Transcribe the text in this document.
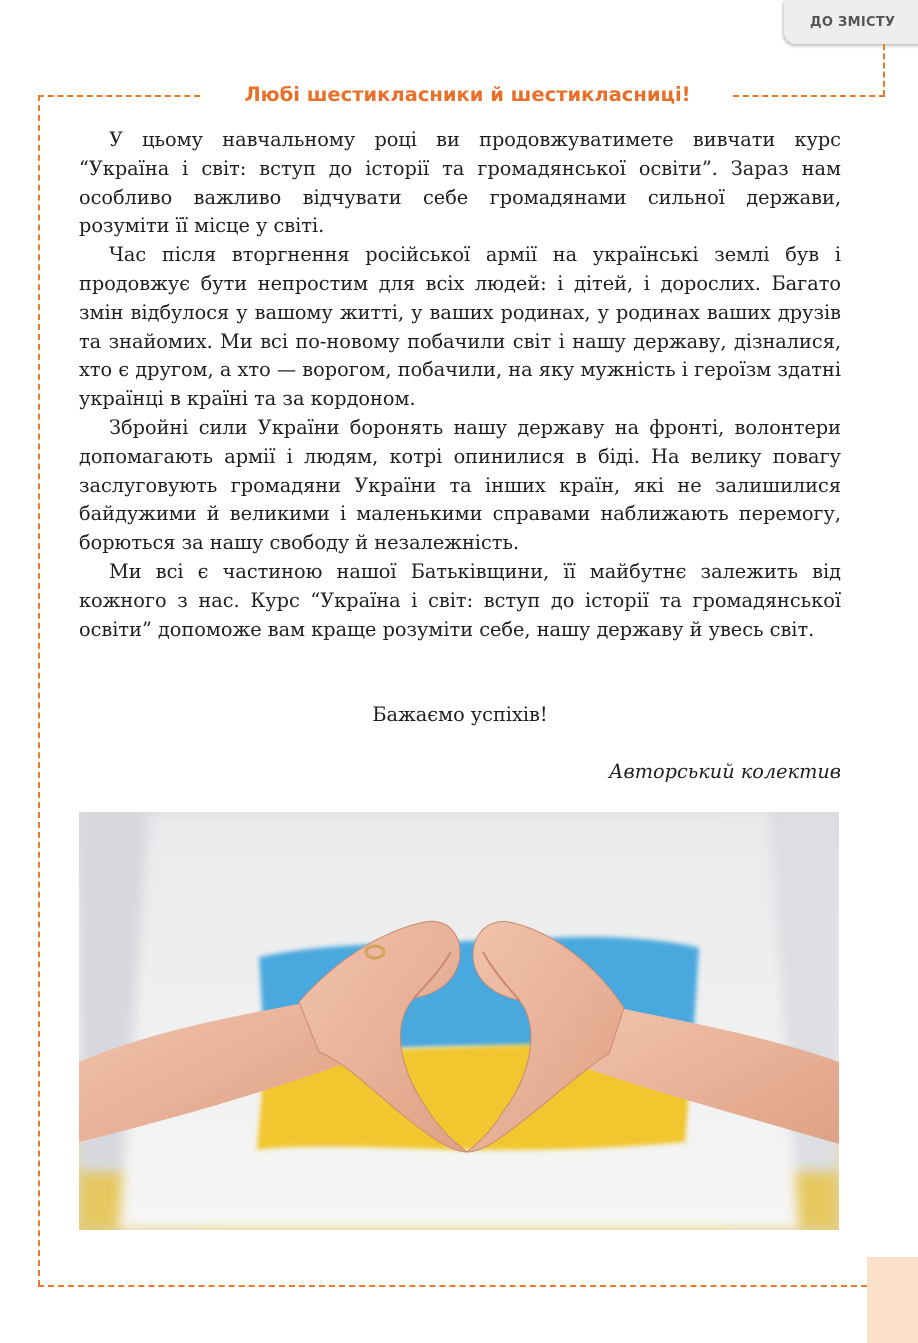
ДО ЗМІСТУ
Любі шестикласники й шестикласниці!

У цьому навчальному році ви продовжуватимете вивчати курс “Україна і світ: вступ до історії та громадянської освіти”. Зараз нам особливо важливо відчувати себе громадянами сильної держави, розуміти її місце у світі.

Час після вторгнення російської армії на українські землі був і продовжує бути непростим для всіх людей: і дітей, і дорослих. Багато змін відбулося у вашому житті, у ваших родинах, у родинах ваших друзів та знайомих. Ми всі по-новому побачили світ і нашу державу, дізналися, хто є другом, а хто — ворогом, побачили, на яку мужність і героїзм здатні українці в країні та за кордоном.

Збройні сили України боронять нашу державу на фронті, волонтери допомагають армії і людям, котрі опинилися в біді. На велику повагу заслуговують громадяни України та інших країн, які не залишилися байдужими й великими і маленькими справами наближають перемогу, борються за нашу свободу й незалежність.

Ми всі є частиною нашої Батьківщини, її майбутнє залежить від кожного з нас. Курс “Україна і світ: вступ до історії та громадянської освіти” допоможе вам краще розуміти себе, нашу державу й увесь світ.

Бажаємо успіхів!
Авторський колектив
